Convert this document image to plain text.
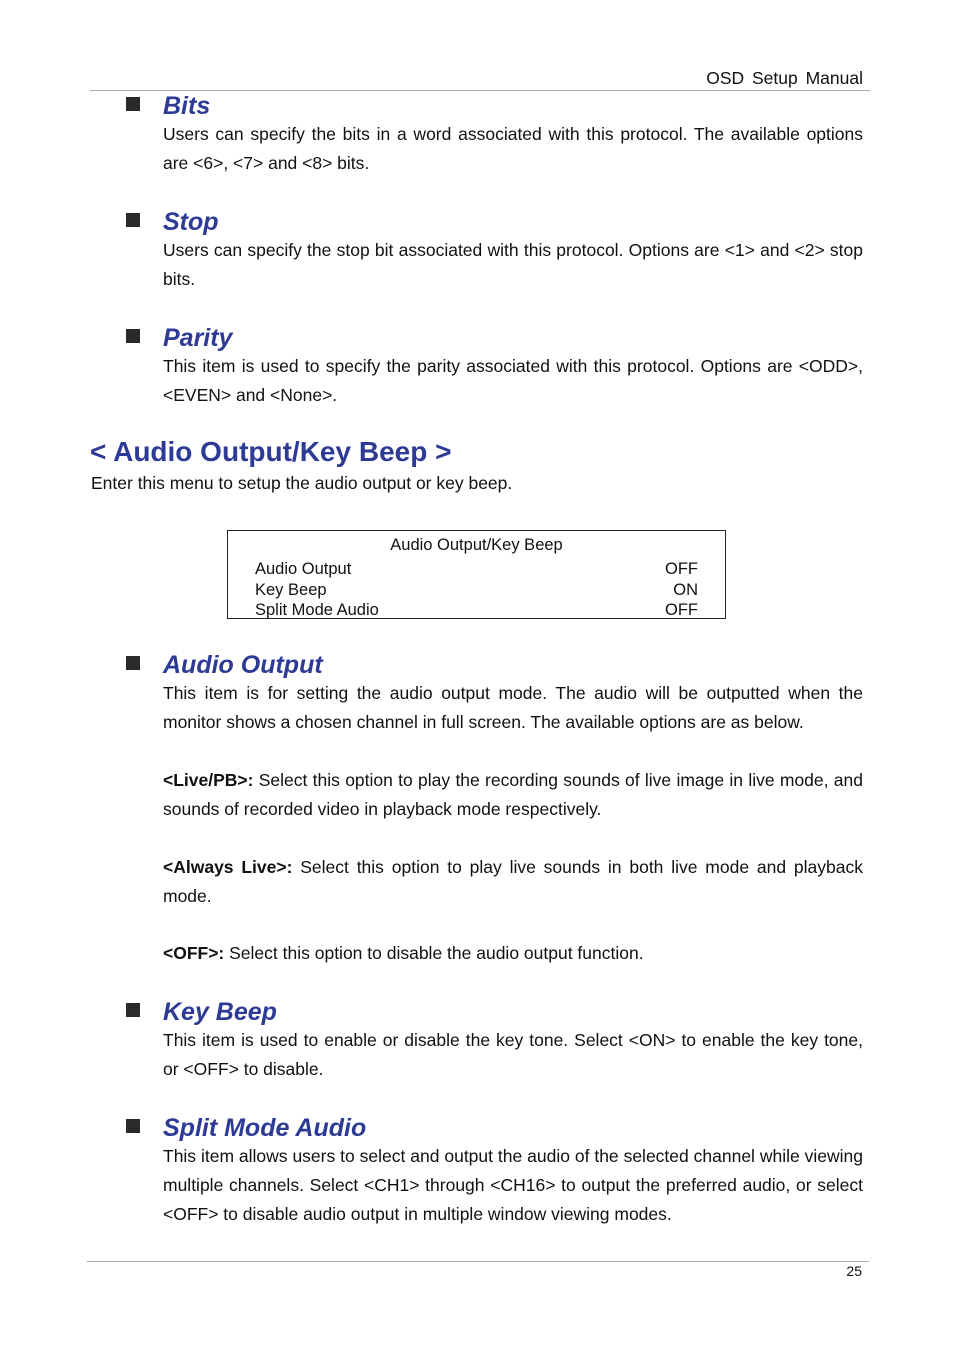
OSD Setup Manual
Bits
Users can specify the bits in a word associated with this protocol. The available options are <6>, <7> and <8> bits.
Stop
Users can specify the stop bit associated with this protocol. Options are <1> and <2> stop bits.
Parity
This item is used to specify the parity associated with this protocol. Options are <ODD>, <EVEN> and <None>.
< Audio Output/Key Beep >
Enter this menu to setup the audio output or key beep.
Audio Output/Key Beep
Audio Output	OFF
Key Beep	ON
Split Mode Audio	OFF
Audio Output
This item is for setting the audio output mode. The audio will be outputted when the monitor shows a chosen channel in full screen. The available options are as below.
<Live/PB>: Select this option to play the recording sounds of live image in live mode, and sounds of recorded video in playback mode respectively.
<Always Live>: Select this option to play live sounds in both live mode and playback mode.
<OFF>: Select this option to disable the audio output function.
Key Beep
This item is used to enable or disable the key tone. Select <ON> to enable the key tone, or <OFF> to disable.
Split Mode Audio
This item allows users to select and output the audio of the selected channel while viewing multiple channels. Select <CH1> through <CH16> to output the preferred audio, or select <OFF> to disable audio output in multiple window viewing modes.
25
